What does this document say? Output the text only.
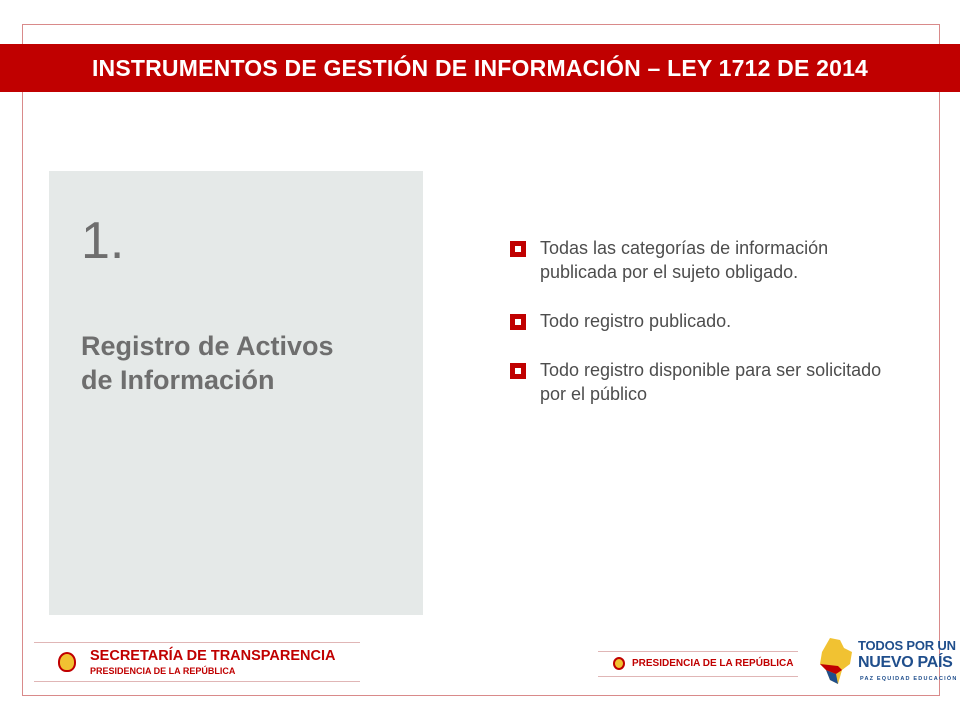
INSTRUMENTOS DE GESTIÓN DE INFORMACIÓN – LEY 1712 DE 2014
1.
Registro de Activos
de Información
Todas las categorías de información publicada por el sujeto obligado.
Todo registro publicado.
Todo registro disponible para ser solicitado por el público
SECRETARÍA DE TRANSPARENCIA
PRESIDENCIA DE LA REPÚBLICA
PRESIDENCIA DE LA REPÚBLICA
TODOS POR UN
NUEVO PAÍS
PAZ EQUIDAD EDUCACIÓN
